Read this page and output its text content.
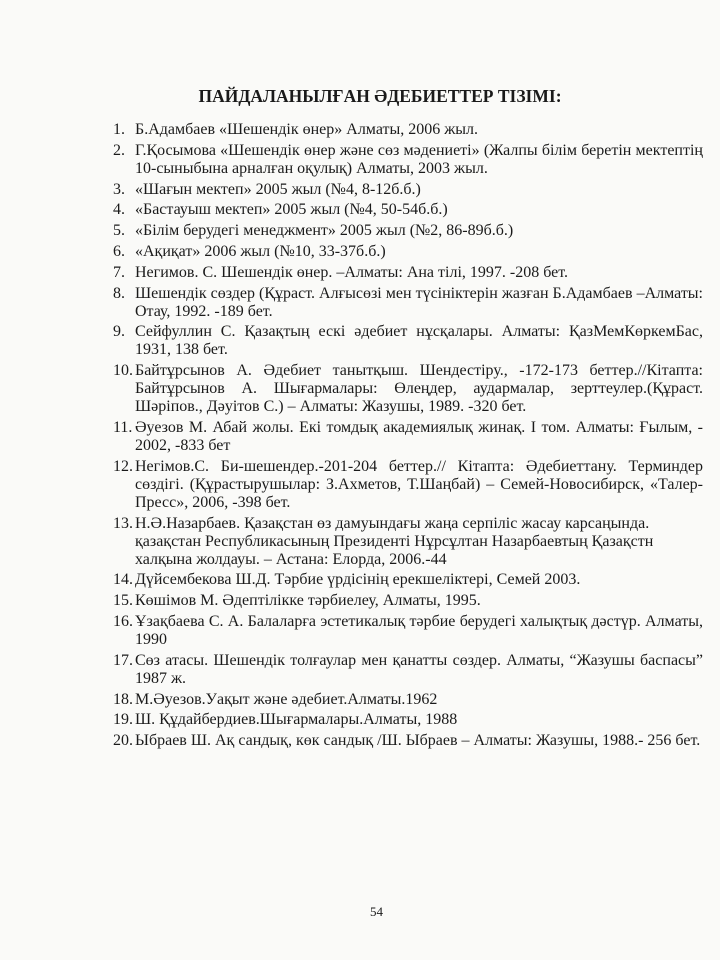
ПАЙДАЛАНЫЛҒАН ӘДЕБИЕТТЕР ТІЗІМІ:
1. Б.Адамбаев «Шешендік өнер» Алматы, 2006 жыл.
2. Г.Қосымова «Шешендік өнер және сөз мәдениеті» (Жалпы білім беретін мектептің 10-сыныбына арналған оқулық) Алматы, 2003 жыл.
3. «Шағын мектеп» 2005 жыл (№4, 8-12б.б.)
4. «Бастауыш мектеп» 2005 жыл (№4, 50-54б.б.)
5. «Білім берудегі менеджмент» 2005 жыл (№2, 86-89б.б.)
6. «Ақиқат» 2006 жыл (№10, 33-37б.б.)
7. Негимов. С. Шешендік өнер. –Алматы: Ана тілі, 1997. -208 бет.
8. Шешендік сөздер (Құраст. Алғысөзі мен түсініктерін жазған Б.Адамбаев –Алматы: Отау, 1992. -189 бет.
9. Сейфуллин С. Қазақтың ескі әдебиет нұсқалары. Алматы: ҚазМемКөркемБас, 1931, 138 бет.
10. Байтұрсынов А. Әдебиет танытқыш. Шендестіру., -172-173 беттер.//Кітапта: Байтұрсынов А. Шығармалары: Өлеңдер, аудармалар, зерттеулер.(Құраст. Шәріпов., Дәуітов С.) – Алматы: Жазушы, 1989. -320 бет.
11. Әуезов М. Абай жолы. Екі томдық академиялық жинақ. І том. Алматы: Ғылым, - 2002, -833 бет
12. Негімов.С. Би-шешендер.-201-204 беттер.// Кітапта: Әдебиеттану. Терминдер сөздігі. (Құрастырушылар: З.Ахметов, Т.Шаңбай) – Семей-Новосибирск, «Талер-Пресс», 2006, -398 бет.
13. Н.Ә.Назарбаев. Қазақстан өз дамуындағы жаңа серпіліс жасау карсаңында. қазақстан Республикасының Президенті Нұрсұлтан Назарбаевтың Қазақстн халқына жолдауы. – Астана: Елорда, 2006.-44
14. Дүйсембекова Ш.Д. Тәрбие үрдісінің ерекшеліктері, Семей 2003.
15. Көшімов М. Әдептілікке тәрбиелеу, Алматы, 1995.
16. Ұзақбаева С. А. Балаларға эстетикалық тәрбие берудегі халықтық дәстүр. Алматы, 1990
17. Сөз атасы. Шешендік толғаулар мен қанатты сөздер. Алматы, “Жазушы баспасы” 1987 ж.
18. М.Әуезов.Уақыт және әдебиет.Алматы.1962
19. Ш. Құдайбердиев.Шығармалары.Алматы, 1988
20. Ыбраев Ш. Ақ сандық, көк сандық /Ш. Ыбраев – Алматы: Жазушы, 1988.- 256 бет.
54
